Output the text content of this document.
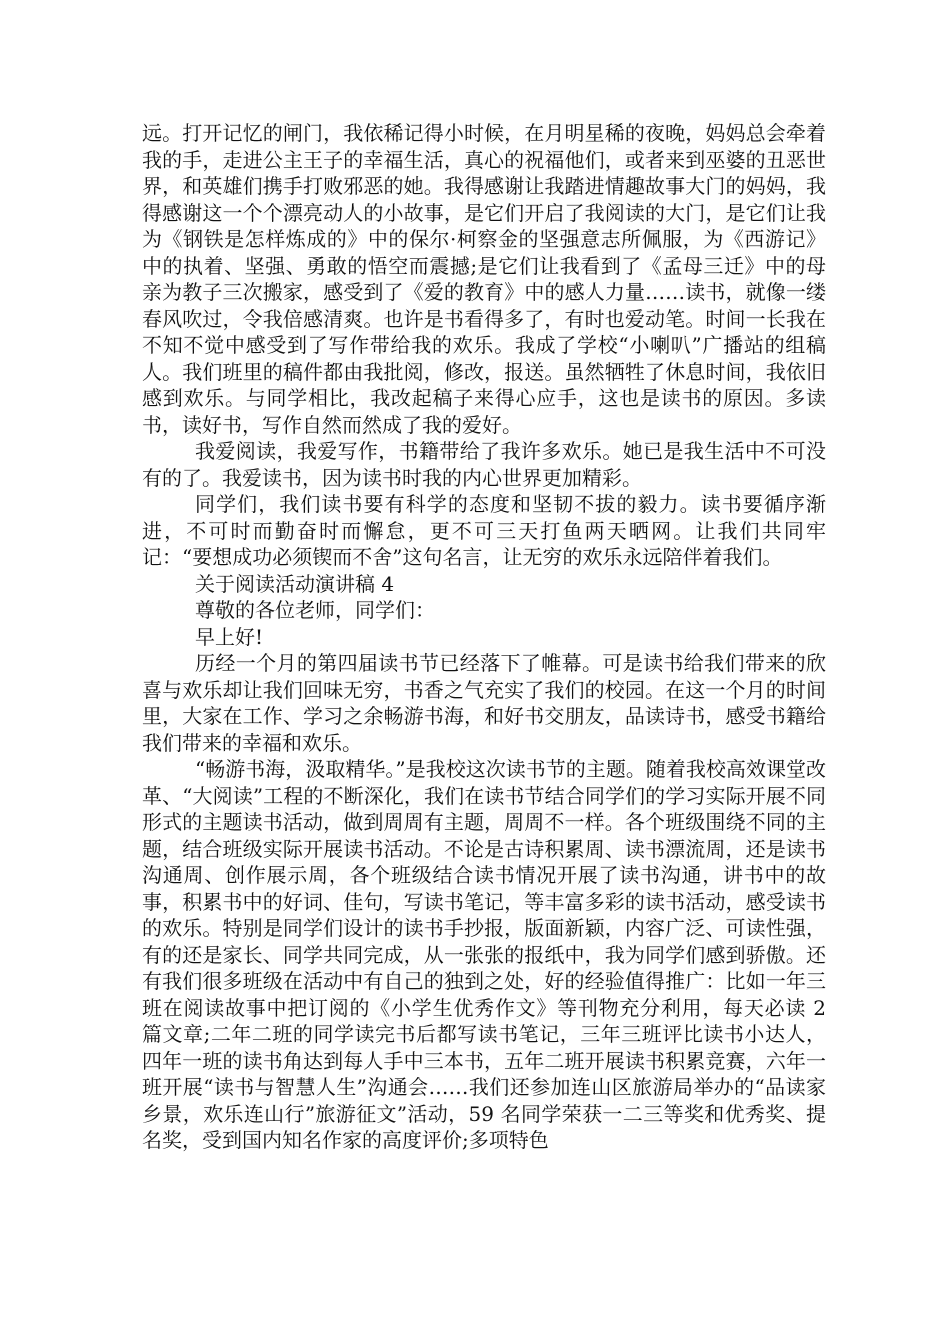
远。打开记忆的闸门，我依稀记得小时候，在月明星稀的夜晚，妈妈总会牵着我的手，走进公主王子的幸福生活，真心的祝福他们，或者来到巫婆的丑恶世界，和英雄们携手打败邪恶的她。我得感谢让我踏进情趣故事大门的妈妈，我得感谢这一个个漂亮动人的小故事，是它们开启了我阅读的大门，是它们让我为《钢铁是怎样炼成的》中的保尔·柯察金的坚强意志所佩服，为《西游记》中的执着、坚强、勇敢的悟空而震撼;是它们让我看到了《孟母三迁》中的母亲为教子三次搬家，感受到了《爱的教育》中的感人力量……读书，就像一缕春风吹过，令我倍感清爽。也许是书看得多了，有时也爱动笔。时间一长我在不知不觉中感受到了写作带给我的欢乐。我成了学校“小喇叭”广播站的组稿人。我们班里的稿件都由我批阅，修改，报送。虽然牺牲了休息时间，我依旧感到欢乐。与同学相比，我改起稿子来得心应手，这也是读书的原因。多读书，读好书，写作自然而然成了我的爱好。

我爱阅读，我爱写作，书籍带给了我许多欢乐。她已是我生活中不可没有的了。我爱读书，因为读书时我的内心世界更加精彩。

同学们，我们读书要有科学的态度和坚韧不拔的毅力。读书要循序渐进，不可时而勤奋时而懈怠，更不可三天打鱼两天晒网。让我们共同牢记：“要想成功必须锲而不舍”这句名言，让无穷的欢乐永远陪伴着我们。

关于阅读活动演讲稿 4

尊敬的各位老师，同学们：

早上好!

历经一个月的第四届读书节已经落下了帷幕。可是读书给我们带来的欣喜与欢乐却让我们回味无穷，书香之气充实了我们的校园。在这一个月的时间里，大家在工作、学习之余畅游书海，和好书交朋友，品读诗书，感受书籍给我们带来的幸福和欢乐。

“畅游书海，汲取精华。”是我校这次读书节的主题。随着我校高效课堂改革、“大阅读”工程的不断深化，我们在读书节结合同学们的学习实际开展不同形式的主题读书活动，做到周周有主题，周周不一样。各个班级围绕不同的主题，结合班级实际开展读书活动。不论是古诗积累周、读书漂流周，还是读书沟通周、创作展示周，各个班级结合读书情况开展了读书沟通，讲书中的故事，积累书中的好词、佳句，写读书笔记，等丰富多彩的读书活动，感受读书的欢乐。特别是同学们设计的读书手抄报，版面新颖，内容广泛、可读性强，有的还是家长、同学共同完成，从一张张的报纸中，我为同学们感到骄傲。还有我们很多班级在活动中有自己的独到之处，好的经验值得推广：比如一年三班在阅读故事中把订阅的《小学生优秀作文》等刊物充分利用，每天必读 2 篇文章;二年二班的同学读完书后都写读书笔记，三年三班评比读书小达人，四年一班的读书角达到每人手中三本书，五年二班开展读书积累竞赛，六年一班开展“读书与智慧人生”沟通会……我们还参加连山区旅游局举办的“品读家乡景，欢乐连山行”旅游征文”活动，59 名同学荣获一二三等奖和优秀奖、提名奖，受到国内知名作家的高度评价;多项特色
